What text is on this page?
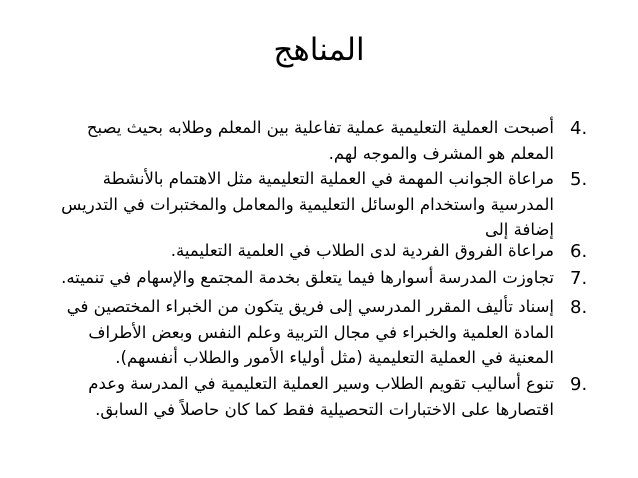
المناهج
4.
أصبحت العملية التعليمية عملية تفاعلية بين المعلم وطلابه بحيث يصبح
المعلم هو المشرف والموجه لهم.
5.
مراعاة الجوانب المهمة في العملية التعليمية مثل الاهتمام بالأنشطة
المدرسية واستخدام الوسائل التعليمية والمعامل والمختبرات في التدريس
إضافة إلى
6.
مراعاة الفروق الفردية لدى الطلاب في العلمية التعليمية.
7.
تجاوزت المدرسة أسوارها فيما يتعلق بخدمة المجتمع والإسهام في تنميته.
8.
إسناد تأليف المقرر المدرسي إلى فريق يتكون من الخبراء المختصين في
المادة العلمية والخبراء في مجال التربية وعلم النفس وبعض الأطراف
المعنية في العملية التعليمية (مثل أولياء الأمور والطلاب أنفسهم).
9.
تنوع أساليب تقويم الطلاب وسير العملية التعليمية في المدرسة وعدم
اقتصارها على الاختبارات التحصيلية فقط كما كان حاصلاً في السابق.
